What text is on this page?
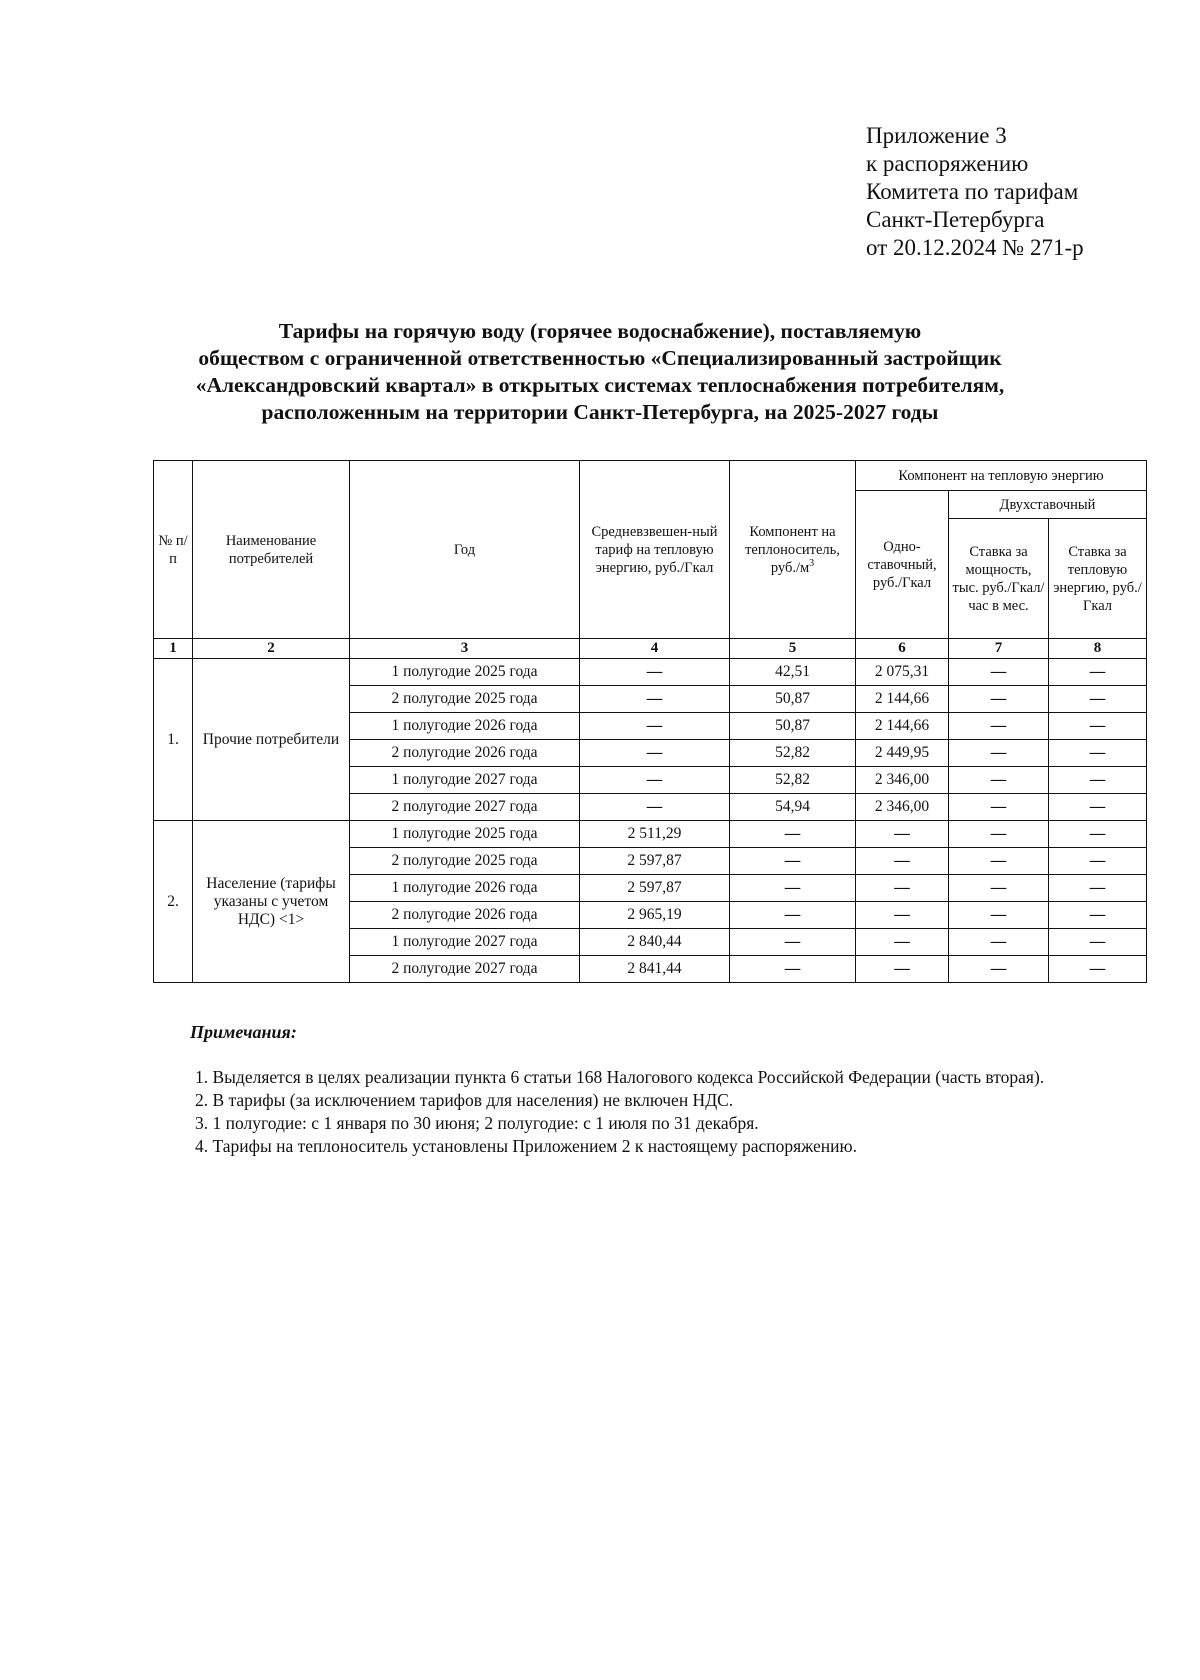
Приложение 3
к распоряжению
Комитета по тарифам
Санкт-Петербурга
от 20.12.2024 № 271-р
Тарифы на горячую воду (горячее водоснабжение), поставляемую
обществом с ограниченной ответственностью «Специализированный застройщик
«Александровский квартал» в открытых системах теплоснабжения потребителям,
расположенным на территории Санкт-Петербурга, на 2025-2027 годы
№ п/п	Наименование потребителей	Год	Средневзвешен-ный тариф на тепловую энергию, руб./Гкал	Компонент на теплоноситель, $руб./м^3$	Компонент на тепловую энергию		
					Одно-ставочный, руб./Гкал	Двухставочный	
						Ставка за мощность, тыс. руб./Гкал/ час в мес.	Ставка за тепловую энергию, руб./Гкал
1	2	3	4	5	6	7	8
1.	Прочие потребители	1 полугодие 2025 года	—	42,51	2 075,31	—	—
		2 полугодие 2025 года	—	50,87	2 144,66	—	—
		1 полугодие 2026 года	—	50,87	2 144,66	—	—
		2 полугодие 2026 года	—	52,82	2 449,95	—	—
		1 полугодие 2027 года	—	52,82	2 346,00	—	—
		2 полугодие 2027 года	—	54,94	2 346,00	—	—
2.	Население (тарифы указаны с учетом НДС) <1>	1 полугодие 2025 года	2 511,29	—	—	—	—
		2 полугодие 2025 года	2 597,87	—	—	—	—
		1 полугодие 2026 года	2 597,87	—	—	—	—
		2 полугодие 2026 года	2 965,19	—	—	—	—
		1 полугодие 2027 года	2 840,44	—	—	—	—
		2 полугодие 2027 года	2 841,44	—	—	—	—
Примечания:
1. Выделяется в целях реализации пункта 6 статьи 168 Налогового кодекса Российской Федерации (часть вторая).
2. В тарифы (за исключением тарифов для населения) не включен НДС.
3. 1 полугодие: с 1 января по 30 июня; 2 полугодие: с 1 июля по 31 декабря.
4. Тарифы на теплоноситель установлены Приложением 2 к настоящему распоряжению.
